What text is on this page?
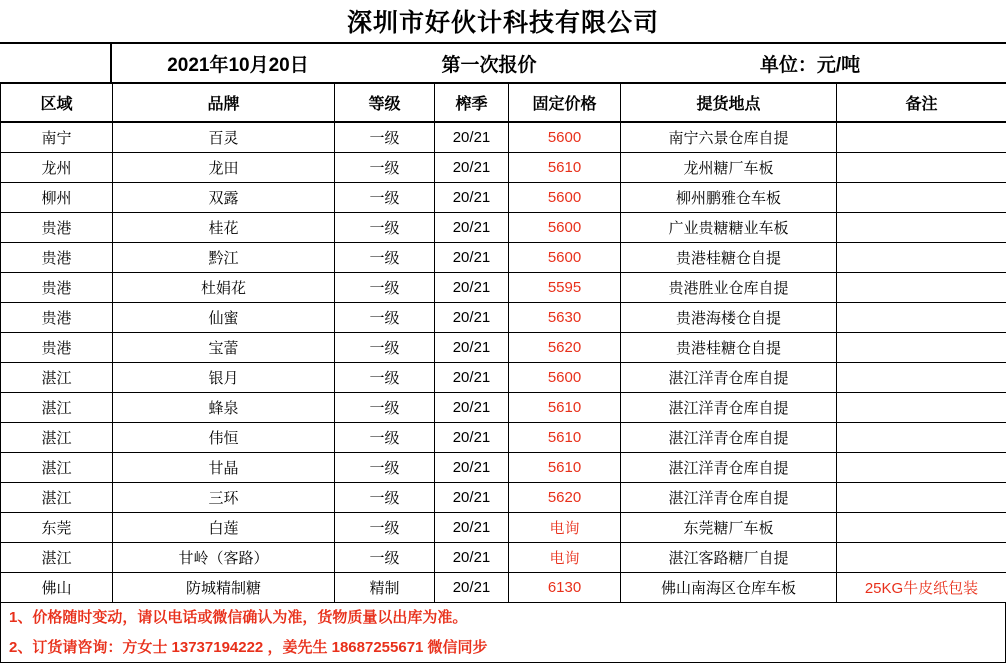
深圳市好伙计科技有限公司
2021年10月20日	第一次报价	单位：元/吨
区域	品牌	等级	榨季	固定价格	提货地点	备注
南宁	百灵	一级	20/21	5600	南宁六景仓库自提	
龙州	龙田	一级	20/21	5610	龙州糖厂车板	
柳州	双露	一级	20/21	5600	柳州鹏雅仓车板	
贵港	桂花	一级	20/21	5600	广业贵糖糖业车板	
贵港	黔江	一级	20/21	5600	贵港桂糖仓自提	
贵港	杜娟花	一级	20/21	5595	贵港胜业仓库自提	
贵港	仙蜜	一级	20/21	5630	贵港海楼仓自提	
贵港	宝蕾	一级	20/21	5620	贵港桂糖仓自提	
湛江	银月	一级	20/21	5600	湛江洋青仓库自提	
湛江	蜂泉	一级	20/21	5610	湛江洋青仓库自提	
湛江	伟恒	一级	20/21	5610	湛江洋青仓库自提	
湛江	甘晶	一级	20/21	5610	湛江洋青仓库自提	
湛江	三环	一级	20/21	5620	湛江洋青仓库自提	
东莞	白莲	一级	20/21	电询	东莞糖厂车板	
湛江	甘岭（客路）	一级	20/21	电询	湛江客路糖厂自提	
佛山	防城精制糖	精制	20/21	6130	佛山南海区仓库车板	25KG牛皮纸包装
1、价格随时变动，请以电话或微信确认为准，货物质量以出库为准。
2、订货请咨询：方女士 13737194222 ，姜先生 18687255671 微信同步
